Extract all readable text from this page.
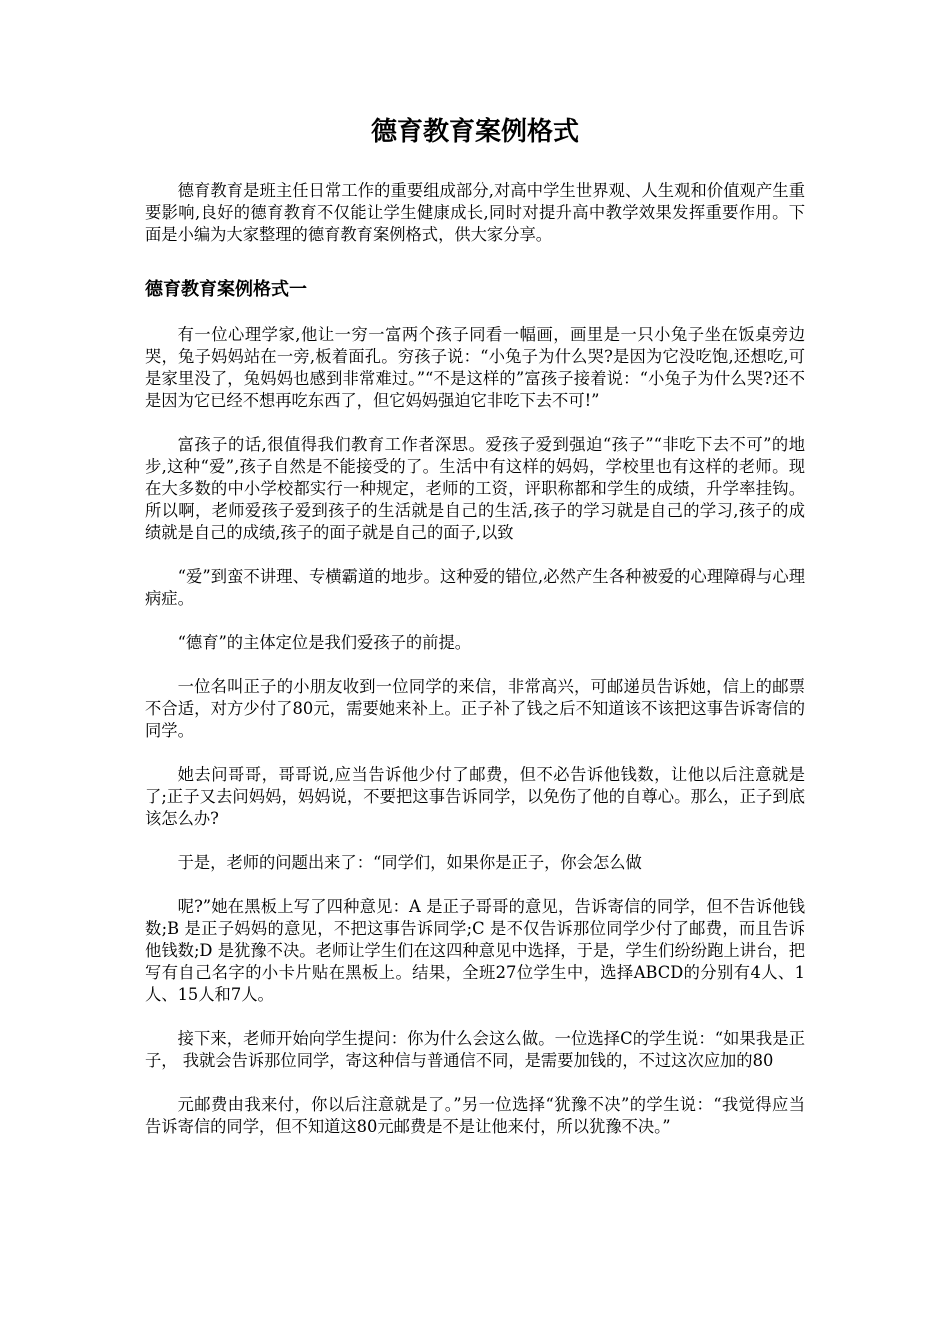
德育教育案例格式

德育教育是班主任日常工作的重要组成部分,对高中学生世界观、人生观和价值观产生重要影响,良好的德育教育不仅能让学生健康成长,同时对提升高中教学效果发挥重要作用。下面是小编为大家整理的德育教育案例格式，供大家分享。

德育教育案例格式一

有一位心理学家,他让一穷一富两个孩子同看一幅画，画里是一只小兔子坐在饭桌旁边哭，兔子妈妈站在一旁,板着面孔。穷孩子说：“小兔子为什么哭?是因为它没吃饱,还想吃,可是家里没了，兔妈妈也感到非常难过。”“不是这样的”富孩子接着说：“小兔子为什么哭?还不是因为它已经不想再吃东西了，但它妈妈强迫它非吃下去不可!”

富孩子的话,很值得我们教育工作者深思。爱孩子爱到强迫“孩子”“非吃下去不可”的地步,这种“爱”,孩子自然是不能接受的了。生活中有这样的妈妈，学校里也有这样的老师。现在大多数的中小学校都实行一种规定，老师的工资，评职称都和学生的成绩，升学率挂钩。所以啊，老师爱孩子爱到孩子的生活就是自己的生活,孩子的学习就是自己的学习,孩子的成绩就是自己的成绩,孩子的面子就是自己的面子,以致

“爱”到蛮不讲理、专横霸道的地步。这种爱的错位,必然产生各种被爱的心理障碍与心理病症。

“德育”的主体定位是我们爱孩子的前提。

一位名叫正子的小朋友收到一位同学的来信，非常高兴，可邮递员告诉她，信上的邮票不合适，对方少付了80元，需要她来补上。正子补了钱之后不知道该不该把这事告诉寄信的同学。

她去问哥哥，哥哥说,应当告诉他少付了邮费，但不必告诉他钱数，让他以后注意就是了;正子又去问妈妈，妈妈说，不要把这事告诉同学，以免伤了他的自尊心。那么，正子到底该怎么办?

于是，老师的问题出来了：“同学们，如果你是正子，你会怎么做

呢?”她在黑板上写了四种意见：A 是正子哥哥的意见，告诉寄信的同学，但不告诉他钱数;B 是正子妈妈的意见，不把这事告诉同学;C 是不仅告诉那位同学少付了邮费，而且告诉他钱数;D 是犹豫不决。老师让学生们在这四种意见中选择，于是，学生们纷纷跑上讲台，把写有自己名字的小卡片贴在黑板上。结果，全班27位学生中，选择ABCD的分别有4人、1人、15人和7人。

接下来，老师开始向学生提问：你为什么会这么做。一位选择C的学生说：“如果我是正子， 我就会告诉那位同学，寄这种信与普通信不同，是需要加钱的，不过这次应加的80

元邮费由我来付，你以后注意就是了。”另一位选择“犹豫不决”的学生说：“我觉得应当告诉寄信的同学，但不知道这80元邮费是不是让他来付，所以犹豫不决。”
